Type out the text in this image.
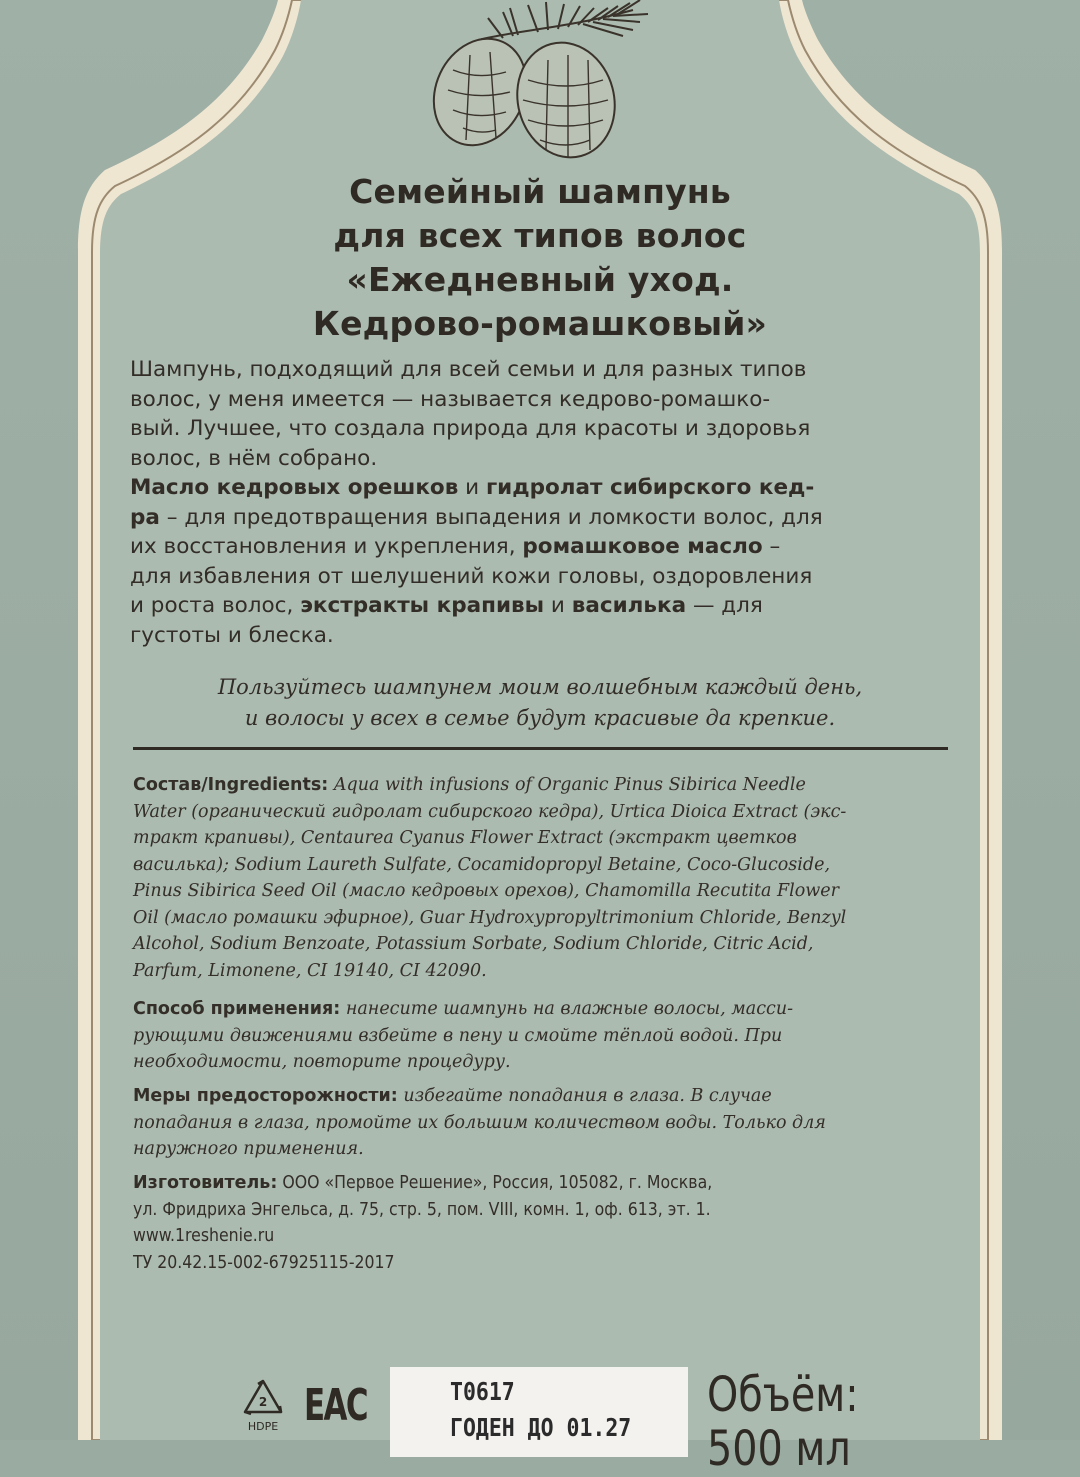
Семейный шампунь
для всех типов волос
«Ежедневный уход.
Кедрово-ромашковый»
Шампунь, подходящий для всей семьи и для разных типов
волос, у меня имеется — называется кедрово-ромашко-
вый. Лучшее, что создала природа для красоты и здоровья
волос, в нём собрано.
Масло кедровых орешков и гидролат сибирского кед-
ра – для предотвращения выпадения и ломкости волос, для
их восстановления и укрепления, ромашковое масло –
для избавления от шелушений кожи головы, оздоровления
и роста волос, экстракты крапивы и василька — для
густоты и блеска.
Пользуйтесь шампунем моим волшебным каждый день,
и волосы у всех в семье будут красивые да крепкие.
Состав/Ingredients: Aqua with infusions of Organic Pinus Sibirica Needle
Water (органический гидролат сибирского кедра), Urtica Dioica Extract (экс-
тракт крапивы), Centaurea Cyanus Flower Extract (экстракт цветков
василька); Sodium Laureth Sulfate, Cocamidopropyl Betaine, Coco-Glucoside,
Pinus Sibirica Seed Oil (масло кедровых орехов), Chamomilla Recutita Flower
Oil (масло ромашки эфирное), Guar Hydroxypropyltrimonium Chloride, Benzyl
Alcohol, Sodium Benzoate, Potassium Sorbate, Sodium Chloride, Citric Acid,
Parfum, Limonene, CI 19140, CI 42090.
Способ применения: нанесите шампунь на влажные волосы, масси-
рующими движениями взбейте в пену и смойте тёплой водой. При
необходимости, повторите процедуру.
Меры предосторожности: избегайте попадания в глаза. В случае
попадания в глаза, промойте их большим количеством воды. Только для
наружного применения.
Изготовитель: ООО «Первое Решение», Россия, 105082, г. Москва,
ул. Фридриха Энгельса, д. 75, стр. 5, пом. VIII, комн. 1, оф. 613, эт. 1.
www.1reshenie.ru
ТУ 20.42.15-002-67925115-2017
2
HDPE ЕАС	T0617
ГОДЕН ДО 01.27
Объём:
500 мл
